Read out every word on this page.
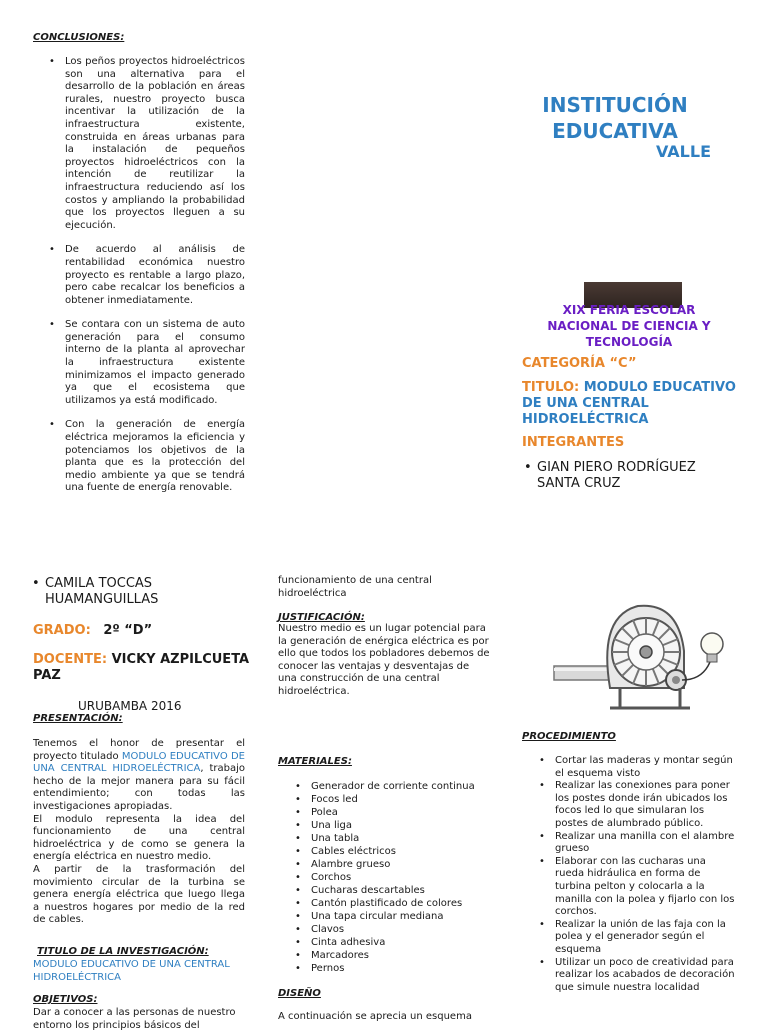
CONCLUSIONES:
• Los peños proyectos hidroeléctricos son una alternativa para el desarrollo de la población en áreas rurales, nuestro proyecto busca incentivar la utilización de la infraestructura existente, construida en áreas urbanas para la instalación de pequeños proyectos hidroeléctricos con la intención de reutilizar la infraestructura reduciendo así los costos y ampliando la probabilidad que los proyectos lleguen a su ejecución.
• De acuerdo al análisis de rentabilidad económica nuestro proyecto es rentable a largo plazo, pero cabe recalcar los beneficios a obtener inmediatamente.
• Se contara con un sistema de auto generación para el consumo interno de la planta al aprovechar la infraestructura existente minimizamos el impacto generado ya que el ecosistema que utilizamos ya está modificado.
• Con la generación de energía eléctrica mejoramos la eficiencia y potenciamos los objetivos de la planta que es la protección del medio ambiente ya que se tendrá una fuente de energía renovable.
INSTITUCIÓN
EDUCATIVA
VALLE
XIX FERIA ESCOLAR NACIONAL DE CIENCIA Y TECNOLOGÍA
CATEGORÍA “C”
TITULO: MODULO EDUCATIVO DE UNA CENTRAL HIDROELÉCTRICA
INTEGRANTES
• GIAN PIERO RODRÍGUEZ SANTA CRUZ
• CAMILA TOCCAS HUAMANGUILLAS
GRADO: 2º “D”
DOCENTE: VICKY AZPILCUETA PAZ
URUBAMBA 2016
PRESENTACIÓN:
Tenemos el honor de presentar el proyecto titulado MODULO EDUCATIVO DE UNA CENTRAL HIDROELÉCTRICA, trabajo hecho de la mejor manera para su fácil entendimiento; con todas las investigaciones apropiadas.
El modulo representa la idea del funcionamiento de una central hidroeléctrica y de como se genera la energía eléctrica en nuestro medio.
A partir de la trasformación del movimiento circular de la turbina se genera energía eléctrica que luego llega a nuestros hogares por medio de la red de cables.
TITULO DE LA INVESTIGACIÓN:
MODULO EDUCATIVO DE UNA CENTRAL HIDROELÉCTRICA
OBJETIVOS:
Dar a conocer a las personas de nuestro entorno los principios básicos del
funcionamiento de una central hidroeléctrica
JUSTIFICACIÓN:
Nuestro medio es un lugar potencial para la generación de enérgica eléctrica es por ello que todos los pobladores debemos de conocer las ventajas y desventajas de una construcción de una central hidroeléctrica.
MATERIALES:
• Generador de corriente continua
• Focos led
• Polea
• Una liga
• Una tabla
• Cables eléctricos
• Alambre grueso
• Corchos
• Cucharas descartables
• Cantón plastificado de colores
• Una tapa circular mediana
• Clavos
• Cinta adhesiva
• Marcadores
• Pernos
DISEÑO
A continuación se aprecia un esquema
PROCEDIMIENTO
• Cortar las maderas y montar según el esquema visto
• Realizar las conexiones para poner los postes donde irán ubicados los focos led lo que simularan los postes de alumbrado público.
• Realizar una manilla con el alambre grueso
• Elaborar con las cucharas una rueda hidráulica en forma de turbina pelton y colocarla a la manilla con la polea y fijarlo con los corchos.
• Realizar la unión de las faja con la polea y el generador según el esquema
• Utilizar un poco de creatividad para realizar los acabados de decoración que simule nuestra localidad
